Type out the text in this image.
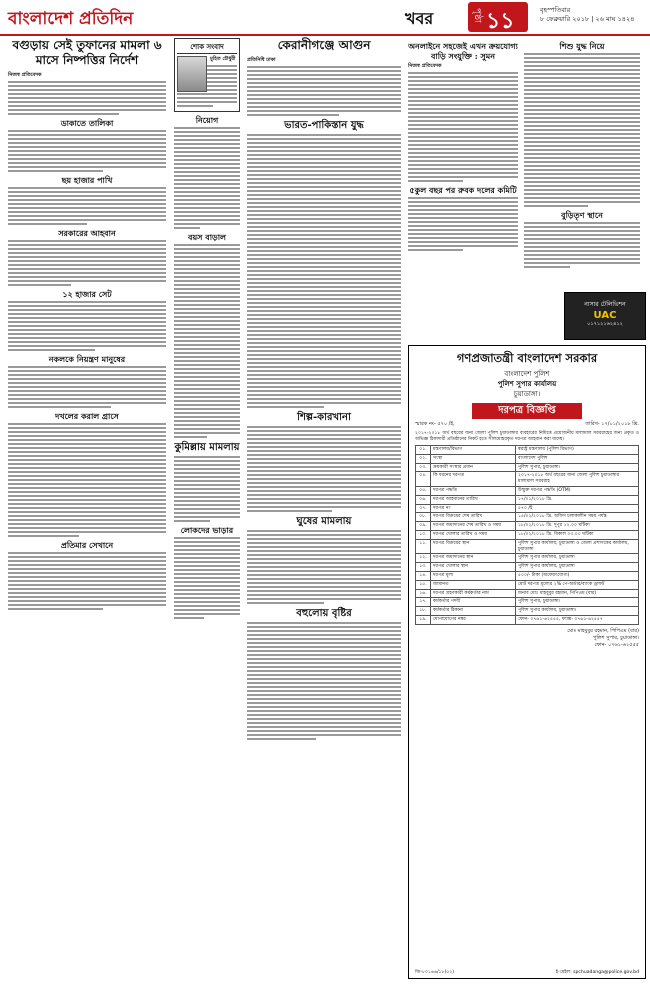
বাংলাদেশ প্রতিদিন	খবর	পৃষ্ঠা ১১	বৃহস্পতিবার
৮ ফেব্রুয়ারি ২০১৮ | ২৬ মাঘ ১৪২৪
বগুড়ায় সেই তুফানের মামলা ৬ মাসে নিষ্পত্তির নির্দেশ
নিজস্ব প্রতিবেদক
ডাকাতে তালিকা
ছয় হাজার পাখি
সরকারের আহবান
১২ হাজার সেট
নকলকে নিয়ন্ত্রণ মানুষের
দখলের করাল গ্রাসে
প্রতিমার সেখানে
শোক সংবাদ
মুহিত চৌধুরী
নিয়োগ
বয়স বাড়াল
কুমিল্লায় মামলায়
লোকদের ভাড়ার
কেরানীগঞ্জে আগুন
প্রতিনিধি ঢাকা
ভারত-পাকিস্তান যুদ্ধ
শিল্প-কারখানা
ঘুষের মামলায়
বহুলোয় বৃষ্টির
অনলাইনে সহজেই এখন ক্রয়যোগ্য বাড়ি সংযুক্তি : সুমন
নিজস্ব প্রতিবেদক
৫কুল বছর পর রুবক দলের কমিটি
শিশু যুদ্ধ নিয়ে
বুড়িতৃণ স্থানে
নাসার টেলিভিশন
UAC
০১৭১২১৬২৪১২
গণপ্রজাতন্ত্রী বাংলাদেশ সরকার
বাংলাদেশ পুলিশ
পুলিশ সুপার কার্যালয়
চুয়াডাঙ্গা।
দরপত্র বিজ্ঞপ্তি
স্মারক নং- ৫৭০ /ই,	তারিখ- ১৭/০১/২০১৮ খ্রি.
২০১৭-২০১৮ অর্থ বছরের জন্য জেলা পুলিশ চুয়াডাঙ্গার ব্যবহারের নিমিত্তে প্রয়োজনীয় মালামাল সরবরাহের জন্য প্রকৃত ও অভিজ্ঞ ঠিকাদারী প্রতিষ্ঠানের নিকট হতে সীলমোহরকৃত দরপত্র আহবান করা যাচ্ছে।
০১.	মন্ত্রণালয়/বিভাগ	স্বরাষ্ট্র মন্ত্রণালয় (পুলিশ বিভাগ)
০২.	সংস্থা	বাংলাদেশ পুলিশ
০৩.	ক্রয়কারী সংস্থার প্রধান	পুলিশ সুপার, চুয়াডাঙ্গা।
০৪.	কি ধরনের দরপত্র	২০১৭-২০১৮ অর্থ বছরের জন্য জেলা পুলিশ চুয়াডাঙ্গার মালামাল সরবরাহ
০৫.	দরপত্র পদ্ধতি	উন্মুক্ত দরপত্র পদ্ধতি (OTM)
০৬.	দরপত্র আহবানের তারিখ	১৭/০১/২০১৮ খ্রি.
০৭.	দরপত্র নং	৫৭০ /ই
০৮.	দরপত্র বিক্রয়ের শেষ তারিখ	১৫/০২/২০১৮ খ্রি. অফিস চলাকালীন সময় পর্যন্ত
০৯.	দরপত্র জমাদানের শেষ তারিখ ও সময়	১৮/০২/২০১৮ খ্রি. দুপুর ১২.০০ ঘটিকা
১০.	দরপত্র খোলার তারিখ ও সময়	১৮/০২/২০১৮ খ্রি. বিকাল ০৩.০০ ঘটিকা
১১.	দরপত্র বিক্রয়ের স্থান	পুলিশ সুপার কার্যালয়, চুয়াডাঙ্গা ও জেলা প্রশাসকের কার্যালয়, চুয়াডাঙ্গা
১২.	দরপত্র জমাদানের স্থান	পুলিশ সুপার কার্যালয়, চুয়াডাঙ্গা
১৩.	দরপত্র খোলার স্থান	পুলিশ সুপার কার্যালয়, চুয়াডাঙ্গা
১৪.	দরপত্র মূল্য	৫০০/- টাকা (অফেরৎযোগ্য)
১৫.	জামানত	মোট দরপত্র মূল্যের ২% পে-অর্ডার/ব্যাংক ড্রাফট
১৬.	দরপত্র গ্রহণকারী কর্মকর্তার নাম	জনাব মোঃ মাহবুবুর রহমান, পিপিএম (বার)
১৭.	কর্মকর্তার পদবী	পুলিশ সুপার, চুয়াডাঙ্গা।
১৮.	কর্মকর্তার ঠিকানা	পুলিশ সুপার কার্যালয়, চুয়াডাঙ্গা।
১৯.	যোগাযোগের নম্বর	ফোন- ০৭৬১-৬২৫৫৫, ফ্যাক্স- ০৭৬১-৬২৫৫৭
মোঃ মাহবুবুর রহমান, পিপিএম (বার)
পুলিশ সুপার, চুয়াডাঙ্গা।
ফোন- ০৭৬১-৬২৫৫৫
জি-৮০১৬৬/১৮(৫২)	ই-মেইল: spchuadanga@police.gov.bd
